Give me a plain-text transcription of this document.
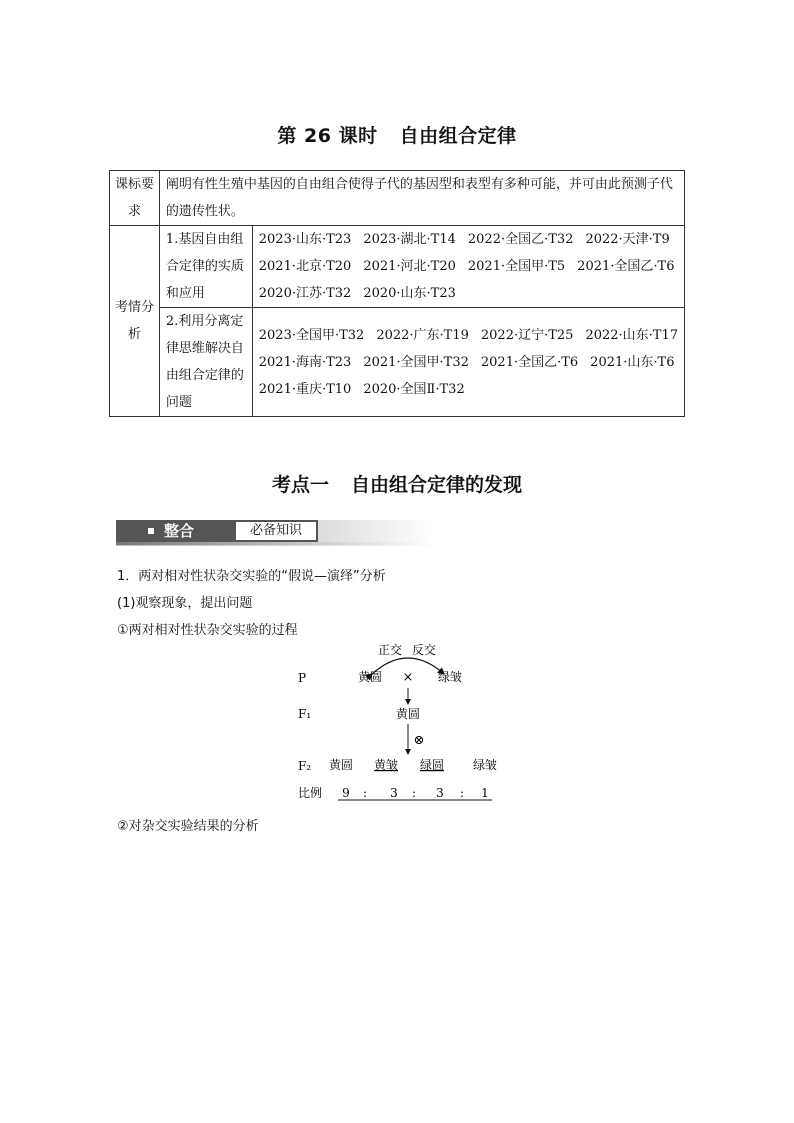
第 26 课时 自由组合定律
课标要求	阐明有性生殖中基因的自由组合使得子代的基因型和表型有多种可能，并可由此预测子代的遗传性状。	
考情分析	1.基因自由组合定律的实质和应用	2023·山东·T23 2023·湖北·T14 2022·全国乙·T32 2022·天津·T9
2021·北京·T20 2021·河北·T20 2021·全国甲·T5 2021·全国乙·T6
2020·江苏·T32 2020·山东·T23

	2.利用分离定律思维解决自由组合定律的问题	2023·全国甲·T32 2022·广东·T19 2022·辽宁·T25 2022·山东·T17
2021·海南·T23 2021·全国甲·T32 2021·全国乙·T6 2021·山东·T6
2021·重庆·T10 2020·全国Ⅱ·T32
考点一 自由组合定律的发现
整合	必备知识
1．两对相对性状杂交实验的“假说—演绎”分析
(1)观察现象，提出问题
①两对相对性状杂交实验的过程
正交 反交
P	黄圆 × 绿皱
F₁	黄圆
⊗
F₂ 黄圆 黄皱 绿圆 绿皱
比例 9 : 3 : 3 : 1
②对杂交实验结果的分析
